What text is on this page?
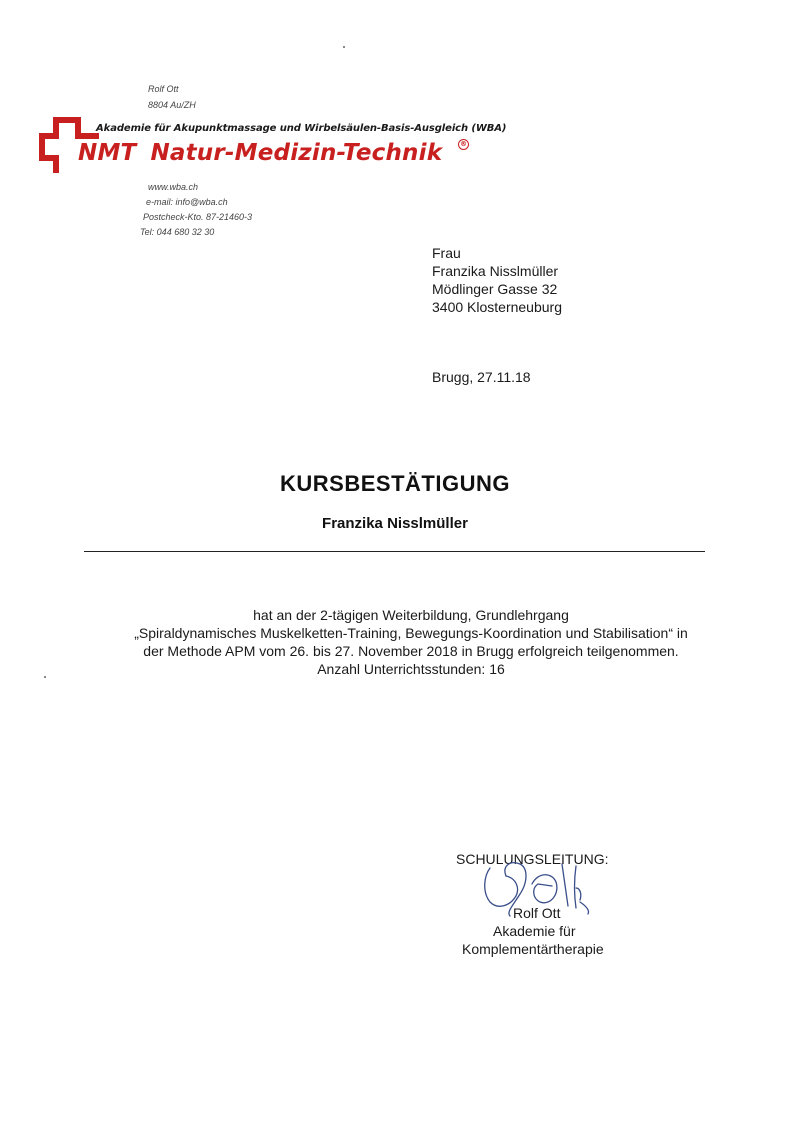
Rolf Ott
8804 Au/ZH
Akademie für Akupunktmassage und Wirbelsäulen-Basis-Ausgleich (WBA)
NMT Natur-Medizin-Technik	®
www.wba.ch
e-mail: info@wba.ch
Postcheck-Kto. 87-21460-3
Tel: 044 680 32 30
Frau
Franzika Nisslmüller
Mödlinger Gasse 32
3400 Klosterneuburg
Brugg, 27.11.18
KURSBESTÄTIGUNG
Franzika Nisslmüller
hat an der 2-tägigen Weiterbildung, Grundlehrgang
„Spiraldynamisches Muskelketten-Training, Bewegungs-Koordination und Stabilisation“ in
der Methode APM vom 26. bis 27. November 2018 in Brugg erfolgreich teilgenommen.
Anzahl Unterrichtsstunden: 16
SCHULUNGSLEITUNG:
Rolf Ott
Akademie für
Komplementärtherapie
